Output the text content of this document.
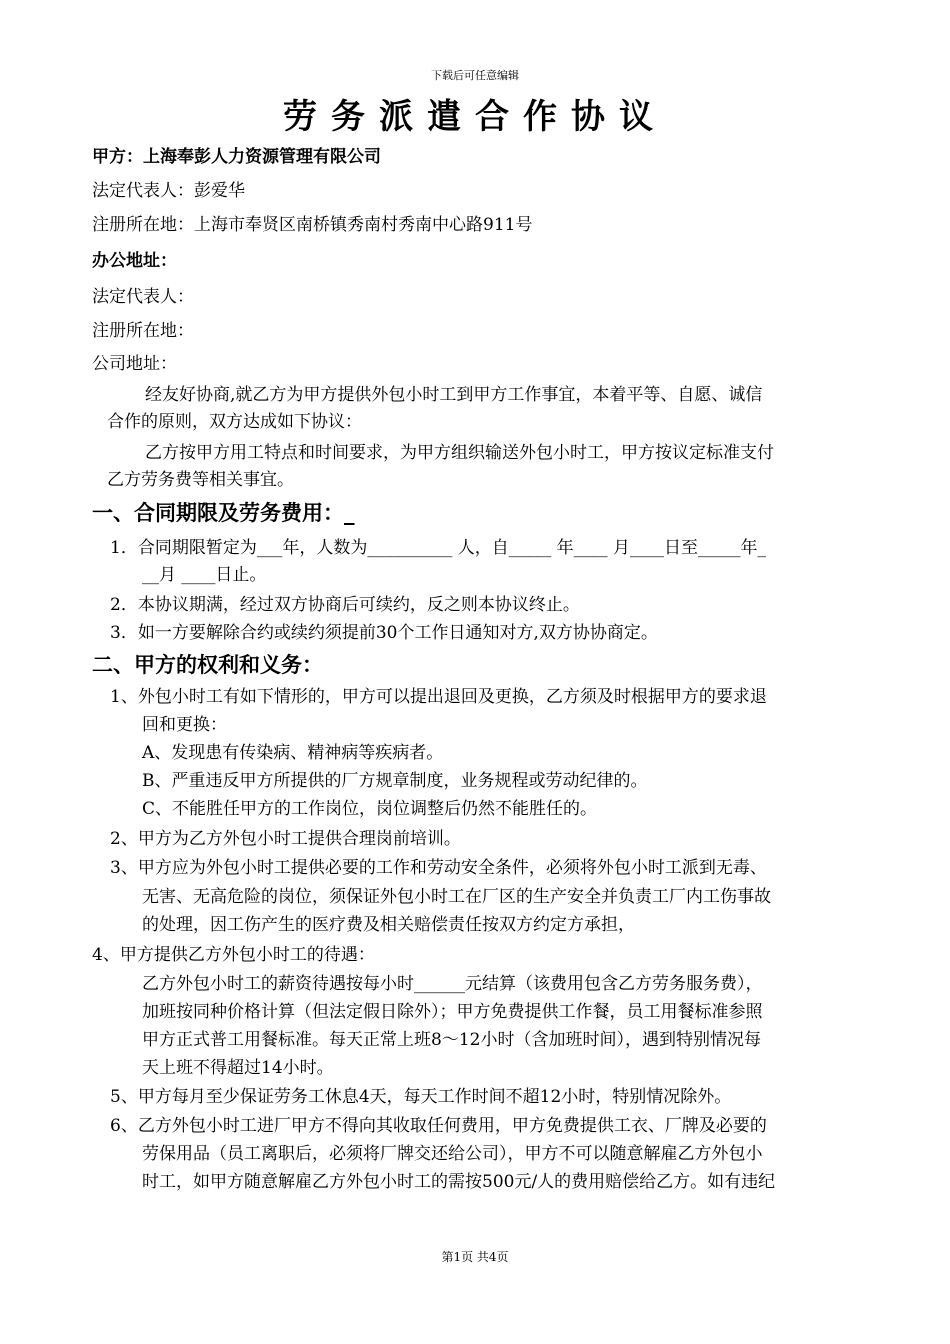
下载后可任意编辑
劳务派遣合作协议
甲方：上海奉彭人力资源管理有限公司
法定代表人：彭爱华
注册所在地：上海市奉贤区南桥镇秀南村秀南中心路911号
办公地址：
法定代表人：
注册所在地：
公司地址：
经友好协商,就乙方为甲方提供外包小时工到甲方工作事宜，本着平等、自愿、诚信
合作的原则，双方达成如下协议：
乙方按甲方用工特点和时间要求，为甲方组织输送外包小时工，甲方按议定标准支付
乙方劳务费等相关事宜。
一、合同期限及劳务费用：_
1．合同期限暂定为___年，人数为__________ 人，自_____ 年____ 月____日至_____年_
__月 ____日止。
2．本协议期满，经过双方协商后可续约，反之则本协议终止。
3．如一方要解除合约或续约须提前30个工作日通知对方,双方协协商定。
二、甲方的权利和义务：
1、外包小时工有如下情形的，甲方可以提出退回及更换，乙方须及时根据甲方的要求退
回和更换：
A、发现患有传染病、精神病等疾病者。
B、严重违反甲方所提供的厂方规章制度，业务规程或劳动纪律的。
C、不能胜任甲方的工作岗位，岗位调整后仍然不能胜任的。
2、甲方为乙方外包小时工提供合理岗前培训。
3、甲方应为外包小时工提供必要的工作和劳动安全条件，必须将外包小时工派到无毒、
无害、无高危险的岗位，须保证外包小时工在厂区的生产安全并负责工厂内工伤事故
的处理，因工伤产生的医疗费及相关赔偿责任按双方约定方承担，
4、甲方提供乙方外包小时工的待遇：
乙方外包小时工的薪资待遇按每小时______元结算（该费用包含乙方劳务服务费），
加班按同种价格计算（但法定假日除外）；甲方免费提供工作餐，员工用餐标准参照
甲方正式普工用餐标准。每天正常上班8～12小时（含加班时间），遇到特别情况每
天上班不得超过14小时。
5、甲方每月至少保证劳务工休息4天，每天工作时间不超12小时，特别情况除外。
6、乙方外包小时工进厂甲方不得向其收取任何费用，甲方免费提供工衣、厂牌及必要的
劳保用品（员工离职后，必须将厂牌交还给公司），甲方不可以随意解雇乙方外包小
时工，如甲方随意解雇乙方外包小时工的需按500元/人的费用赔偿给乙方。如有违纪
第1页 共4页
